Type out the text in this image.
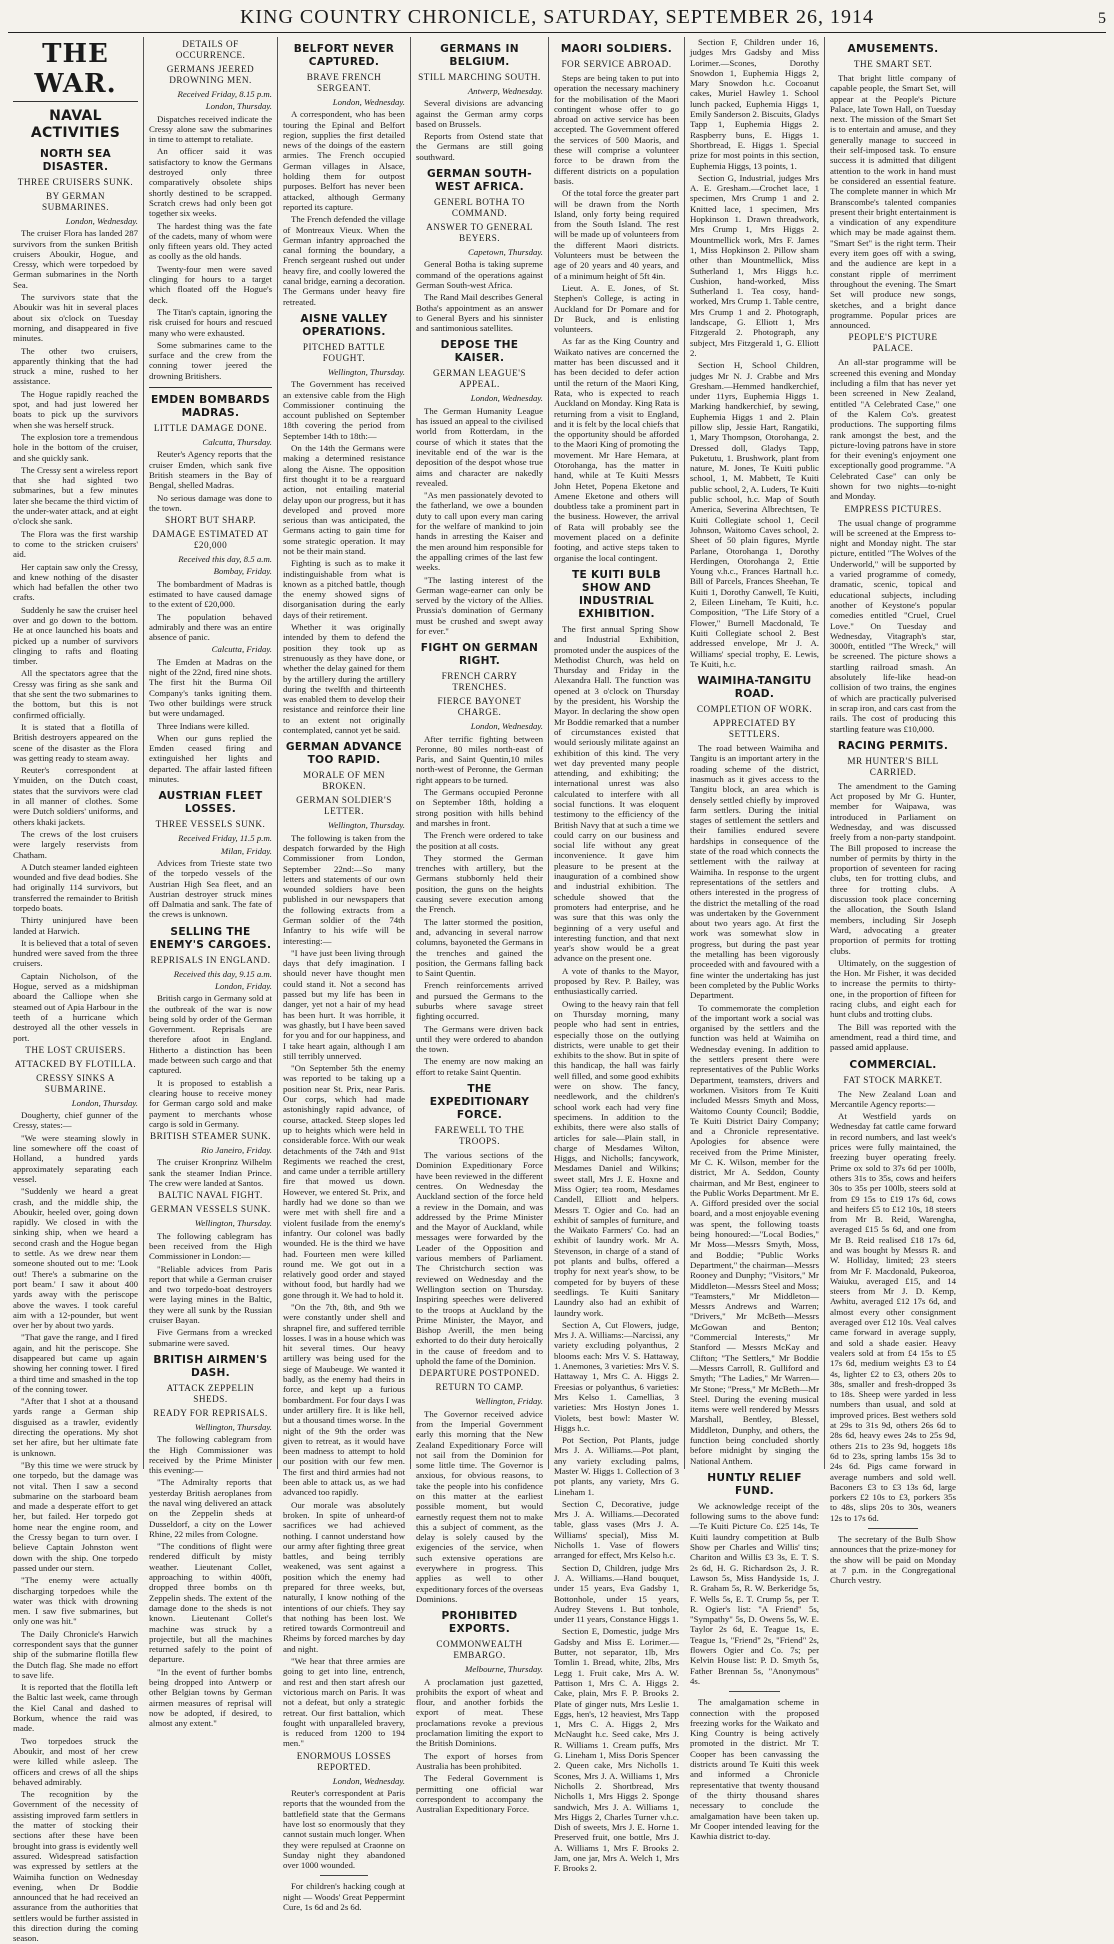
KING COUNTRY CHRONICLE, SATURDAY, SEPTEMBER 26, 1914	5
THE WAR.
NAVAL ACTIVITIES
NORTH SEA DISASTER.
THREE CRUISERS SUNK.
BY GERMAN SUBMARINES.
London, Wednesday.

The cruiser Flora has landed 287 survivors from the sunken British cruisers Aboukir, Hogue, and Cressy, which were torpedoed by German submarines in the North Sea.

The survivors state that the Aboukir was hit in several places about six o'clock on Tuesday morning, and disappeared in five minutes.

The other two cruisers, apparently thinking that the had struck a mine, rushed to her assistance.

The Hogue rapidly reached the spot, and had just lowered her boats to pick up the survivors when she was herself struck.

The explosion tore a tremendous hole in the bottom of the cruiser, and she quickly sank.

The Cressy sent a wireless report that she had sighted two submarines, but a few minutes later she became the third victim of the under-water attack, and at eight o'clock she sank.

The Flora was the first warship to come to the stricken cruisers' aid.

Her captain saw only the Cressy, and knew nothing of the disaster which had befallen the other two crafts.

Suddenly he saw the cruiser heel over and go down to the bottom. He at once launched his boats and picked up a number of survivors clinging to rafts and floating timber.

All the spectators agree that the Cressy was firing as she sank and that she sent the two submarines to the bottom, but this is not confirmed officially.

It is stated that a flotilla of British destroyers appeared on the scene of the disaster as the Flora was getting ready to steam away.

Reuter's correspondent at Ymuiden, on the Dutch coast, states that the survivors were clad in all manner of clothes. Some were Dutch soldiers' uniforms, and others khaki jackets.

The crews of the lost cruisers were largely reservists from Chatham.

A Dutch steamer landed eighteen wounded and five dead bodies. She had originally 114 survivors, but transferred the remainder to British torpedo boats.

Thirty uninjured have been landed at Harwich.

It is believed that a total of seven hundred were saved from the three cruisers.

Captain Nicholson, of the Hogue, served as a midshipman aboard the Calliope when she steamed out of Apia Harbour in the teeth of a hurricane which destroyed all the other vessels in port.

THE LOST CRUISERS.
ATTACKED BY FLOTILLA.
CRESSY SINKS A SUBMARINE.
London, Thursday.

Dougherty, chief gunner of the Cressy, states:—

"We were steaming slowly in line somewhere off the coast of Holland, a hundred yards approximately separating each vessel.

"Suddenly we heard a great crash, and the middle ship, the Aboukir, heeled over, going down rapidly. We closed in with the sinking ship, when we heard a second crash and the Hogue began to settle. As we drew near them someone shouted out to me: 'Look out! There's a submarine on the port beam.' I saw it about 400 yards away with the periscope above the waves. I took careful aim with a 12-pounder, but went over her by about two yards.

"That gave the range, and I fired again, and hit the periscope. She disappeared but came up again showing her conning tower. I fired a third time and smashed in the top of the conning tower.

"After that I shot at a thousand yards range a German ship disguised as a trawler, evidently directing the operations. My shot set her afire, but her ultimate fate is unknown.

"By this time we were struck by one torpedo, but the damage was not vital. Then I saw a second submarine on the starboard beam and made a desperate effort to get her, but failed. Her torpedo got home near the engine room, and the Cressy began to turn over. I believe Captain Johnston went down with the ship. One torpedo passed under our stern.

"The enemy were actually discharging torpedoes while the water was thick with drowning men. I saw five submarines, but only one was hit."

The Daily Chronicle's Harwich correspondent says that the gunner ship of the submarine flotilla flew the Dutch flag. She made no effort to save life.

It is reported that the flotilla left the Baltic last week, came through the Kiel Canal and dashed to Borkum, whence the raid was made.

Two torpedoes struck the Aboukir, and most of her crew were killed while asleep. The officers and crews of all the ships behaved admirably.

The recognition by the Government of the necessity of assisting improved farm settlers in the matter of stocking their sections after these have been brought into grass is evidently well assured. Widespread satisfaction was expressed by settlers at the Waimiha function on Wednesday evening, when Dr Boddie announced that he had received an assurance from the authorities that settlers would be further assisted in this direction during the coming season.

DETAILS OF OCCURRENCE.
GERMANS JEERED DROWNING MEN.
Received Friday, 8.15 p.m.
London, Thursday.

Dispatches received indicate the Cressy alone saw the submarines in time to attempt to retaliate.

An officer said it was satisfactory to know the Germans destroyed only three comparatively obsolete ships shortly destined to be scrapped. Scratch crews had only been got together six weeks.

The hardest thing was the fate of the cadets, many of whom were only fifteen years old. They acted as coolly as the old hands.

Twenty-four men were saved clinging for hours to a target which floated off the Hogue's deck.

The Titan's captain, ignoring the risk cruised for hours and rescued many who were exhausted.

Some submarines came to the surface and the crew from the conning tower jeered the drowning Britishers.

EMDEN BOMBARDS MADRAS.
LITTLE DAMAGE DONE.
Calcutta, Thursday.

Reuter's Agency reports that the cruiser Emden, which sank five British steamers in the Bay of Bengal, shelled Madras.

No serious damage was done to the town.

SHORT BUT SHARP.
DAMAGE ESTIMATED AT £20,000
Received this day, 8.5 a.m.
Bombay, Friday.

The bombardment of Madras is estimated to have caused damage to the extent of £20,000.

The population behaved admirably and there was an entire absence of panic.

Calcutta, Friday.

The Emden at Madras on the night of the 22nd, fired nine shots. The first hit the Burma Oil Company's tanks igniting them. Two other buildings were struck but were undamaged.

Three Indians were killed.

When our guns replied the Emden ceased firing and extinguished her lights and departed. The affair lasted fifteen minutes.

AUSTRIAN FLEET LOSSES.
THREE VESSELS SUNK.
Received Friday, 11.5 p.m.
Milan, Friday.

Advices from Trieste state two of the torpedo vessels of the Austrian High Sea fleet, and an Austrian destroyer struck mines off Dalmatia and sank. The fate of the crews is unknown.

SELLING THE ENEMY'S CARGOES.
REPRISALS IN ENGLAND.
Received this day, 9.15 a.m.
London, Friday.

British cargo in Germany sold at the outbreak of the war is now being sold by order of the German Government. Reprisals are therefore afoot in England. Hitherto a distinction has been made between such cargo and that captured.

It is proposed to establish a clearing house to receive money for German cargo sold and make payment to merchants whose cargo is sold in Germany.

BRITISH STEAMER SUNK.
Rio Janeiro, Friday.

The cruiser Kronprinz Wilhelm sank the steamer Indian Prince. The crew were landed at Santos.

BALTIC NAVAL FIGHT.
GERMAN VESSELS SUNK.
Wellington, Thursday.

The following cablegram has been received from the High Commissioner in London:—

"Reliable advices from Paris report that while a German cruiser and two torpedo-boat destroyers were laying mines in the Baltic, they were all sunk by the Russian cruiser Bayan.

Five Germans from a wrecked submarine were saved.

BRITISH AIRMEN'S DASH.
ATTACK ZEPPELIN SHEDS.
READY FOR REPRISALS.
Wellington, Thursday.

The following cablegram from the High Commissioner was received by the Prime Minister this evening:—

"The Admiralty reports that yesterday British aeroplanes from the naval wing delivered an attack on the Zeppelin sheds at Dusseldorf, a city on the Lower Rhine, 22 miles from Cologne.

"The conditions of flight were rendered difficult by misty weather. Lieutenant Collet, approaching to within 400ft, dropped three bombs on th Zeppelin sheds. The extent of the damage done to the sheds is not known. Lieutenant Collet's machine was struck by a projectile, but all the machines returned safely to the point of departure.

"In the event of further bombs being dropped into Antwerp or other Belgian towns by German airmen measures of reprisal will now be adopted, if desired, to almost any extent."

BELFORT NEVER CAPTURED.
BRAVE FRENCH SERGEANT.
London, Wednesday.

A correspondent, who has been touring the Epinal and Belfort region, supplies the first detailed news of the doings of the eastern armies. The French occupied German villages in Alsace, holding them for outpost purposes. Belfort has never been attacked, although Germany reported its capture.

The French defended the village of Montreaux Vieux. When the German infantry approached the canal forming the boundary, a French sergeant rushed out under heavy fire, and coolly lowered the canal bridge, earning a decoration. The Germans under heavy fire retreated.

AISNE VALLEY OPERATIONS.
PITCHED BATTLE FOUGHT.
Wellington, Thursday.

The Government has received an extensive cable from the High Commissioner continuing the account published on September 18th covering the period from September 14th to 18th:—

On the 14th the Germans were making a determined resistance along the Aisne. The opposition first thought it to be a rearguard action, not entailing material delay upon our progress, but it has developed and proved more serious than was anticipated, the Germans acting to gain time for some strategic operation. It may not be their main stand.

Fighting is such as to make it indistinguishable from what is known as a pitched battle, though the enemy showed signs of disorganisation during the early days of their retirement.

Whether it was originally intended by them to defend the position they took up as strenuously as they have done, or whether the delay gained for them by the artillery during the artillery during the twelfth and thirteenth was enabled them to develop their resistance and reinforce their line to an extent not originally contemplated, cannot yet be said.

GERMAN ADVANCE TOO RAPID.
MORALE OF MEN BROKEN.
GERMAN SOLDIER'S LETTER.
Wellington, Thursday.

The following is taken from the despatch forwarded by the High Commissioner from London, September 22nd:—So many letters and statements of our own wounded soldiers have been published in our newspapers that the following extracts from a German soldier of the 74th Infantry to his wife will be interesting:—

"I have just been living through days that defy imagination. I should never have thought men could stand it. Not a second has passed but my life has been in danger, yet not a hair of my head has been hurt. It was horrible, it was ghastly, but I have been saved for you and for our happiness, and I take heart again, although I am still terribly unnerved.

"On September 5th the enemy was reported to be taking up a position near St. Prix, near Paris. Our corps, which had made astonishingly rapid advance, of course, attacked. Steep slopes led up to heights which were held in considerable force. With our weak detachments of the 74th and 91st Regiments we reached the crest, and came under a terrible artillery fire that mowed us down. However, we entered St. Prix, and hardly had we done so than we were met with shell fire and a violent fusilade from the enemy's infantry. Our colonel was badly wounded. He is the third we have had. Fourteen men were killed round me. We got out in a relatively good order and stayed without food, but hardly had we gone through it. We had to hold it.

"On the 7th, 8th, and 9th we were constantly under shell and shrapnel fire, and suffered terrible losses. I was in a house which was hit several times. Our heavy artillery was being used for the siege of Maubeuge. We wanted it badly, as the enemy had theirs in force, and kept up a furious bombardment. For four days I was under artillery fire. It is like hell, but a thousand times worse. In the night of the 9th the order was given to retreat, as it would have been madness to attempt to hold our position with our few men. The first and third armies had not been able to attack us, as we had advanced too rapidly.

Our morale was absolutely broken. In spite of unheard-of sacrifices we had achieved nothing. I cannot understand how our army after fighting three great battles, and being terribly weakened, was sent against a position which the enemy had prepared for three weeks, but, naturally, I know nothing of the intentions of our chiefs. They say that nothing has been lost. We retired towards Cormontreuil and Rheims by forced marches by day and night.

"We hear that three armies are going to get into line, entrench, and rest and then start afresh our victorious march on Paris. It was not a defeat, but only a strategic retreat. Our first battalion, which fought with unparalleled bravery, is reduced from 1200 to 194 men."

ENORMOUS LOSSES REPORTED.
London, Wednesday.

Reuter's correspondent at Paris reports that the wounded from the battlefield state that the Germans have lost so enormously that they cannot sustain much longer. When they were repulsed at Craonne on Sunday night they abandoned over 1000 wounded.

For children's hacking cough at night — Woods' Great Peppermint Cure, 1s 6d and 2s 6d.

GERMANS IN BELGIUM.
STILL MARCHING SOUTH.
Antwerp, Wednesday.

Several divisions are advancing against the German army corps based on Brussels.

Reports from Ostend state that the Germans are still going southward.

GERMAN SOUTH-WEST AFRICA.
GENERL BOTHA TO COMMAND.
ANSWER TO GENERAL BEYERS.
Capetown, Thursday.

General Botha is taking supreme command of the operations against German South-west Africa.

The Rand Mail describes General Botha's appointment as an answer to General Byers and his sinnister and santimonious satellites.

DEPOSE THE KAISER.
GERMAN LEAGUE'S APPEAL.
London, Wednesday.

The German Humanity League has issued an appeal to the civilised world from Rotterdam, in the course of which it states that the inevitable end of the war is the deposition of the despot whose true aims and character are nakedly revealed.

"As men passionately devoted to the fatherland, we owe a bounden duty to call upon every man caring for the welfare of mankind to join hands in arresting the Kaiser and the men around him responsible for the appalling crimes of the last few weeks.

"The lasting interest of the German wage-earner can only be served by the victory of the Allies. Prussia's domination of Germany must be crushed and swept away for ever."

FIGHT ON GERMAN RIGHT.
FRENCH CARRY TRENCHES.
FIERCE BAYONET CHARGE.
London, Wednesday.

After terrific fighting between Peronne, 80 miles north-east of Paris, and Saint Quentin,10 miles north-west of Peronne, the German right appears to be turned.

The Germans occupied Peronne on September 18th, holding a strong position with hills behind and marshes in front.

The French were ordered to take the position at all costs.

They stormed the German trenches with artillery, but the Germans stubbornly held their position, the guns on the heights causing severe execution among the French.

The latter stormed the position, and, advancing in several narrow columns, bayoneted the Germans in the trenches and gained the position, the Germans falling back to Saint Quentin.

French reinforcements arrived and pursued the Germans to the suburbs where savage street fighting occurred.

The Germans were driven back until they were ordered to abandon the town.

The enemy are now making an effort to retake Saint Quentin.

THE EXPEDITIONARY FORCE.
FAREWELL TO THE TROOPS.

The various sections of the Dominion Expeditionary Force have been reviewed in the different centres. On Wednesday the Auckland section of the force held a review in the Domain, and was addressed by the Prime Minister and the Mayor of Auckland, while messages were forwarded by the Leader of the Opposition and various members of Parliament. The Christchurch section was reviewed on Wednesday and the Wellington section on Thursday. Inspiring speeches were delivered to the troops at Auckland by the Prime Minister, the Mayor, and Bishop Averill, the men being exhorted to do their duty heroically in the cause of freedom and to uphold the fame of the Dominion.

DEPARTURE POSTPONED.
RETURN TO CAMP.
Wellington, Friday.

The Governor received advice from the Imperial Government early this morning that the New Zealand Expeditionary Force will not sail from the Dominion for some little time. The Governor is anxious, for obvious reasons, to take the people into his confidence on this matter at the earliest possible moment, but would earnestly request them not to make this a subject of comment, as the delay is solely caused by the exigencies of the service, when such extensive operations are everywhere in progress. This applies as well to other expeditionary forces of the overseas Dominions.

PROHIBITED EXPORTS.
COMMONWEALTH EMBARGO.
Melbourne, Thursday.

A proclamation just gazetted, prohibits the export of wheat and flour, and another forbids the export of meat. These proclamations revoke a previous proclamation limiting the export to the British Dominions.

The export of horses from Australia has been prohibited.

The Federal Government is permitting one official war correspondent to accompany the Australian Expeditionary Force.

MAORI SOLDIERS.
FOR SERVICE ABROAD.

Steps are being taken to put into operation the necessary machinery for the mobilisation of the Maori contingent whose offer to go abroad on active service has been accepted. The Government offered the services of 500 Maoris, and these will comprise a volunteer force to be drawn from the different districts on a population basis.

Of the total force the greater part will be drawn from the North Island, only forty being required from the South Island. The rest will be made up of volunteers from the different Maori districts. Volunteers must be between the age of 20 years and 40 years, and of a minimum height of 5ft 4in.

Lieut. A. E. Jones, of St. Stephen's College, is acting in Auckland for Dr Pomare and for Dr Buck, and is enlisting volunteers.

As far as the King Country and Waikato natives are concerned the matter has been discussed and it has been decided to defer action until the return of the Maori King, Rata, who is expected to reach Auckland on Monday. King Rata is returning from a visit to England, and it is felt by the local chiefs that the opportunity should be afforded to the Maori King of promoting the movement. Mr Hare Hemara, at Otorohanga, has the matter in hand, while at Te Kuiti Messrs John Hetet, Popena Eketone and Amene Eketone and others will doubtless take a prominent part in the business. However, the arrival of Rata will probably see the movement placed on a definite footing, and active steps taken to organise the local contingent.

TE KUITI BULB SHOW AND INDUSTRIAL EXHIBITION.

The first annual Spring Show and Industrial Exhibition, promoted under the auspices of the Methodist Church, was held on Thursday and Friday in the Alexandra Hall. The function was opened at 3 o'clock on Thursday by the president, his Worship the Mayor. In declaring the show open Mr Boddie remarked that a number of circumstances existed that would seriously militate against an exhibition of this kind. The very wet day prevented many people attending, and exhibiting; the international unrest was also calculated to interfere with all social functions. It was eloquent testimony to the efficiency of the British Navy that at such a time we could carry on our business and social life without any great inconvenience. It gave him pleasure to be present at the inauguration of a combined show and industrial exhibition. The schedule showed that the promoters had enterprise, and he was sure that this was only the beginning of a very useful and interesting function, and that next year's show would be a great advance on the present one.

A vote of thanks to the Mayor, proposed by Rev. P. Bailey, was enthusiastically carried.

Owing to the heavy rain that fell on Thursday morning, many people who had sent in entries, especially those on the outlying districts, were unable to get their exhibits to the show. But in spite of this handicap, the hall was fairly well filled, and some good exhibits were on show. The fancy, needlework, and the children's school work each had very fine specimens. In addition to the exhibits, there were also stalls of articles for sale—Plain stall, in charge of Mesdames Wilton, Higgs, and Nicholls; fancywork, Mesdames Daniel and Wilkins; sweet stall, Mrs J. E. Hoxne and Miss Ogier; tea room, Mesdames Candell, Elliott and helpers. Messrs T. Ogier and Co. had an exhibit of samples of furniture, and the Waikato Farmers' Co. had an exhibit of laundry work. Mr A. Stevenson, in charge of a stand of pot plants and bulbs, offered a trophy for next year's show, to be competed for by buyers of these seedlings. Te Kuiti Sanitary Laundry also had an exhibit of laundry work.

Section A, Cut Flowers, judge, Mrs J. A. Williams:—Narcissi, any variety excluding polyanthus, 2 blooms each: Mrs V. S. Hattaway, 1. Anemones, 3 varieties: Mrs V. S. Hattaway 1, Mrs C. A. Higgs 2. Freesias or polyanthus, 6 varieties: Mrs Kelso 1. Camellias, 3 varieties: Mrs Hostyn Jones 1. Violets, best bowl: Master W. Higgs h.c.

Pot Section, Pot Plants, judge Mrs J. A. Williams.—Pot plant, any variety excluding palms, Master W. Higgs 1. Collection of 3 pot plants, any variety, Mrs G. Lineham 1.

Section C, Decorative, judge Mrs J. A. Williams.—Decorated table, glass vases (Mrs J. A. Williams' special), Miss M. Nicholls 1. Vase of flowers arranged for effect, Mrs Kelso h.c.

Section D, Children, judge Mrs J. A. Williams.—Hand bouquet, under 15 years, Eva Gadsby 1, Bottonhole, under 15 years, Audrey Stevens 1. But tonhole, under 11 years, Constance Higgs 1.

Section E, Domestic, judge Mrs Gadsby and Miss E. Lorimer.—Butter, not separator, 1lb, Mrs Tomlin 1. Bread, white, 2lbs, Mrs Legg 1. Fruit cake, Mrs A. W. Pattison 1, Mrs C. A. Higgs 2. Cake, plain, Mrs F. P. Brooks 2. Plate of ginger nuts, Mrs Leslie 1. Eggs, hen's, 12 heaviest, Mrs Tapp 1, Mrs C. A. Higgs 2, Mrs McNaught h.c. Seed cake, Mrs J. R. Williams 1. Cream puffs, Mrs G. Lineham 1, Miss Doris Spencer 2. Queen cake, Mrs Nicholls 1. Scones, Mrs J. A. Williams 1, Mrs Nicholls 2. Shortbread, Mrs Nicholls 1, Mrs Higgs 2. Sponge sandwich, Mrs J. A. Williams 1, Mrs Higgs 2, Charles Turner v.h.c. Dish of sweets, Mrs J. E. Horne 1. Preserved fruit, one bottle, Mrs J. A. Williams 1, Mrs F. Brooks 2. Jam, one jar, Mrs A. Welch 1, Mrs F. Brooks 2.

Section F, Children under 16, judges Mrs Gadsby and Miss Lorimer.—Scones, Dorothy Snowdon 1, Euphemia Higgs 2, Mary Snowdon h.c. Cocoanut cakes, Muriel Hawley 1. School lunch packed, Euphemia Higgs 1, Emily Sanderson 2. Biscuits, Gladys Tapp 1, Euphemia Higgs 2. Raspberry buns, E. Higgs 1. Shortbread, E. Higgs 1. Special prize for most points in this section, Euphemia Higgs, 13 points, 1.

Section G, Industrial, judges Mrs A. E. Gresham.—Crochet lace, 1 specimen, Mrs Crump 1 and 2. Knitted lace, 1 specimen, Mrs Hopkinson 1. Drawn threadwork, Mrs Crump 1, Mrs Higgs 2. Mountmellick work, Mrs F. James 1, Miss Hopkinson 2. Pillow sham other than Mountmellick, Miss Sutherland 1, Mrs Higgs h.c. Cushion, hand-worked, Miss Sutherland 1. Tea cosy, hand-worked, Mrs Crump 1. Table centre, Mrs Crump 1 and 2. Photograph, landscape, G. Elliott 1, Mrs Fitzgerald 2. Photograph, any subject, Mrs Fitzgerald 1, G. Elliott 2.

Section H, School Children, judges Mr N. J. Crabbe and Mrs Gresham.—Hemmed handkerchief, under 11yrs, Euphemia Higgs 1. Marking handkerchief, by sewing, Euphemia Higgs 1 and 2. Plain pillow slip, Jessie Hart, Rangatiki, 1, Mary Thompson, Otorohanga, 2. Dressed doll, Gladys Tapp, Puketutu, 1. Brushwork, plant from nature, M. Jones, Te Kuiti public school, 1, M. Mabbett, Te Kuiti public school, 2, A. Luders, Te Kuiti public school, h.c. Map of South America, Severina Albrechtsen, Te Kuiti Collegiate school 1, Cecil Johnson, Waitomo Caves school, 2. Sheet of 50 plain figures, Myrtle Parlane, Otorohanga 1, Dorothy Herdingen, Otorohanga 2, Ettie Young v.h.c., Frances Hartnall h.c. Bill of Parcels, Frances Sheehan, Te Kuiti 1, Dorothy Canwell, Te Kuiti, 2, Eileen Lineham, Te Kuiti, h.c. Composition, "The Life Story of a Flower," Burnell Macdonald, Te Kuiti Collegiate school 2. Best addressed envelope, Mr J. A. Williams' special trophy, E. Lewis, Te Kuiti, h.c.

WAIMIHA-TANGITU ROAD.
COMPLETION OF WORK.
APPRECIATED BY SETTLERS.

The road between Waimiha and Tangitu is an important artery in the roading scheme of the district, inasmuch as it gives access to the Tangitu block, an area which is densely settled chiefly by improved farm settlers. During the initial stages of settlement the settlers and their families endured severe hardships in consequence of the state of the road which connects the settlement with the railway at Waimiha. In response to the urgent representations of the settlers and others interested in the progress of the district the metalling of the road was undertaken by the Government about two years ago. At first the work was somewhat slow in progress, but during the past year the metalling has been vigorously proceeded with and favoured with a fine winter the undertaking has just been completed by the Public Works Department.

To commemorate the completion of the important work a social was organised by the settlers and the function was held at Waimiha on Wednesday evening. In addition to the settlers present there were representatives of the Public Works Department, teamsters, drivers and workmen. Visitors from Te Kuiti included Messrs Smyth and Moss, Waitomo County Council; Boddie, Te Kuiti District Dairy Company; and a Chronicle representative. Apologies for absence were received from the Prime Minister, Mr C. K. Wilson, member for the district, Mr A. Seddon, County chairman, and Mr Best, engineer to the Public Works Department. Mr E. A. Gifford presided over the social board, and a most enjoyable evening was spent, the following toasts being honoured:—"Local Bodies," Mr Moss—Messrs Smyth, Moss, and Boddie; "Public Works Department," the chairman—Messrs Rooney and Dunphy; "Visitors," Mr Middleton—Messrs Steel and Moss; "Teamsters," Mr Middleton—Messrs Andrews and Warren; "Drivers," Mr McBeth—Messrs McGowan and Benton; "Commercial Interests," Mr Stanford — Messrs McKay and Clifton; "The Settlers," Mr Boddie—Messrs Carroll, R. Gulliford and Smyth; "The Ladies," Mr Warren—Mr Stone; "Press," Mr McBeth—Mr Steel. During the evening musical items were well rendered by Messrs Marshall, Bentley, Blessel, Middleton, Dunphy, and others, the function being concluded shortly before midnight by singing the National Anthem.

HUNTLY RELIEF FUND.

We acknowledge receipt of the following sums to the above fund:—Te Kuiti Picture Co. £25 14s, Te Kuiti laundry competition at Bulb Show per Charles and Willis' tins; Chariton and Willis £3 3s, E. T. S. 2s 6d, H. G. Richardson 2s, J. R. Lawson 5s, Miss Handyside 1s, J. R. Graham 5s, R. W. Berkeridge 5s, F. Wells 5s, E. T. Crump 5s, per T. R. Ogier's list: "A Friend" 5s, "Sympathy" 5s, D. Owens 5s, W. E. Taylor 2s 6d, E. Teague 1s, E. Teague 1s, "Friend" 2s, "Friend" 2s, flowers Ogier and Co. 7s; per Kelvin House list: P. D. Smyth 5s, Father Brennan 5s, "Anonymous" 4s.

The amalgamation scheme in connection with the proposed freezing works for the Waikato and King Country is being actively promoted in the district. Mr T. Cooper has been canvassing the districts around Te Kuiti this week and informed a Chronicle representative that twenty thousand of the thirty thousand shares necessary to conclude the amalgamation have been taken up. Mr Cooper intended leaving for the Kawhia district to-day.

AMUSEMENTS.
THE SMART SET.

That bright little company of capable people, the Smart Set, will appear at the People's Picture Palace, late Town Hall, on Tuesday next. The mission of the Smart Set is to entertain and amuse, and they generally manage to succeed in their self-imposed task. To ensure success it is admitted that diligent attention to the work in hand must be considered an essential feature. The complete manner in which Mr Branscombe's talented companies present their bright entertainment is a vindication of any expenditure which may be made against them. "Smart Set" is the right term. Their every item goes off with a swing, and the audience are kept in a constant ripple of merriment throughout the evening. The Smart Set will produce new songs, sketches, and a bright dance programme. Popular prices are announced.

PEOPLE'S PICTURE PALACE.

An all-star programme will be screened this evening and Monday including a film that has never yet been screened in New Zealand, entitled "A Celebrated Case," one of the Kalem Co's. greatest productions. The supporting films rank amongst the best, and the picture-loving patrons have in store for their evening's enjoyment one exceptionally good programme. "A Celebrated Case" can only be shown for two nights—to-night and Monday.

EMPRESS PICTURES.

The usual change of programme will be screened at the Empress to-night and Monday night. The star picture, entitled "The Wolves of the Underworld," will be supported by a varied programme of comedy, dramatic, scenic, topical and educational subjects, including another of Keystone's popular comedies entitled "Cruel, Cruel Love." On Tuesday and Wednesday, Vitagraph's star, 3000ft, entitled "The Wreck," will be screened. The picture shows a startling railroad smash. An absolutely life-like head-on collision of two trains, the engines of which are practically pulverised in scrap iron, and cars cast from the rails. The cost of producing this startling feature was £10,000.

RACING PERMITS.
MR HUNTER'S BILL CARRIED.

The amendment to the Gaming Act proposed by Mr G. Hunter, member for Waipawa, was introduced in Parliament on Wednesday, and was discussed freely from a non-party standpoint. The Bill proposed to increase the number of permits by thirty in the proportion of seventeen for racing clubs, ten for trotting clubs, and three for trotting clubs. A discussion took place concerning the allocation, the South Island members, including Sir Joseph Ward, advocating a greater proportion of permits for trotting clubs.

Ultimately, on the suggestion of the Hon. Mr Fisher, it was decided to increase the permits to thirty-one, in the proportion of fifteen for racing clubs, and eight each for hunt clubs and trotting clubs.

The Bill was reported with the amendment, read a third time, and passed amid applause.

COMMERCIAL.
FAT STOCK MARKET.

The New Zealand Loan and Mercantile Agency reports:—

At Westfield yards on Wednesday fat cattle came forward in record numbers, and last week's prices were fully maintained, the freezing buyer operating freely. Prime ox sold to 37s 6d per 100lb, others 31s to 35s, cows and heifers 30s to 35s per 100lb, steers sold at from £9 15s to £19 17s 6d, cows and heifers £5 to £12 10s, 18 steers from Mr B. Reid, Warengha, averaged £15 5s 6d, and one from Mr B. Reid realised £18 17s 6d, and was bought by Messrs R. and W. Holliday, limited; 23 steers from Mr F. Macdonald, Pukeoroa, Waiuku, averaged £15, and 14 steers from Mr J. D. Kemp, Awhitu, averaged £12 17s 6d, and almost every other consignment averaged over £12 10s. Veal calves came forward in average supply, and sold a shade easier. Heavy vealers sold at from £4 15s to £5 17s 6d, medium weights £3 to £4 4s, lighter £2 to £3, others 20s to 38s, smaller and fresh-dropped 3s to 18s. Sheep were yarded in less numbers than usual, and sold at improved prices. Best wethers sold at 29s to 31s 9d, others 26s 6d to 28s 6d, heavy ewes 24s to 25s 9d, others 21s to 23s 9d, hoggets 18s 6d to 23s, spring lambs 15s 3d to 24s 6d. Pigs came forward in average numbers and sold well. Baconers £3 to £3 13s 6d, large porkers £2 10s to £3, porkers 35s to 48s, slips 20s to 30s, weaners 12s to 17s 6d.

The secretary of the Bulb Show announces that the prize-money for the show will be paid on Monday at 7 p.m. in the Congregational Church vestry.
